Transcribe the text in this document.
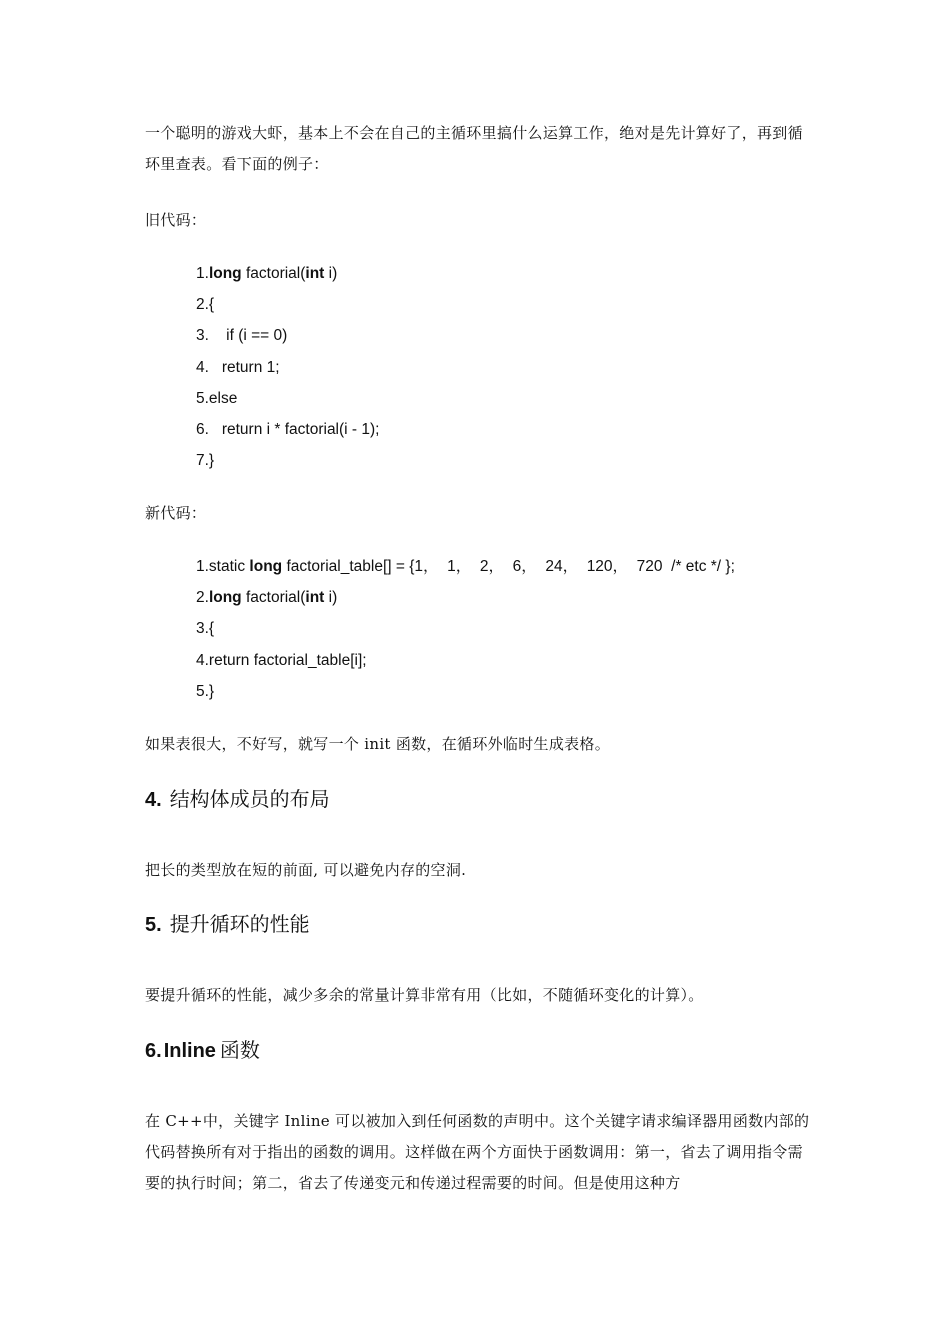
一个聪明的游戏大虾，基本上不会在自己的主循环里搞什么运算工作，绝对是先计算好了，再到循环里查表。看下面的例子：

旧代码：

1.long factorial(int i)
2.{
3.    if (i == 0)
4.   return 1;
5.else
6.   return i * factorial(i - 1);
7.}

新代码：

1.static long factorial_table[] = {1，  1，  2，  6，  24，  120，  720  /* etc */ };
2.long factorial(int i)
3.{
4.return factorial_table[i];
5.}

如果表很大，不好写，就写一个 init 函数，在循环外临时生成表格。

4. 结构体成员的布局

把长的类型放在短的前面, 可以避免内存的空洞.

5. 提升循环的性能

要提升循环的性能，减少多余的常量计算非常有用（比如，不随循环变化的计算）。

6. Inline 函数

在 C++中，关键字 Inline 可以被加入到任何函数的声明中。这个关键字请求编译器用函数内部的代码替换所有对于指出的函数的调用。这样做在两个方面快于函数调用：第一，省去了调用指令需要的执行时间；第二，省去了传递变元和传递过程需要的时间。但是使用这种方
